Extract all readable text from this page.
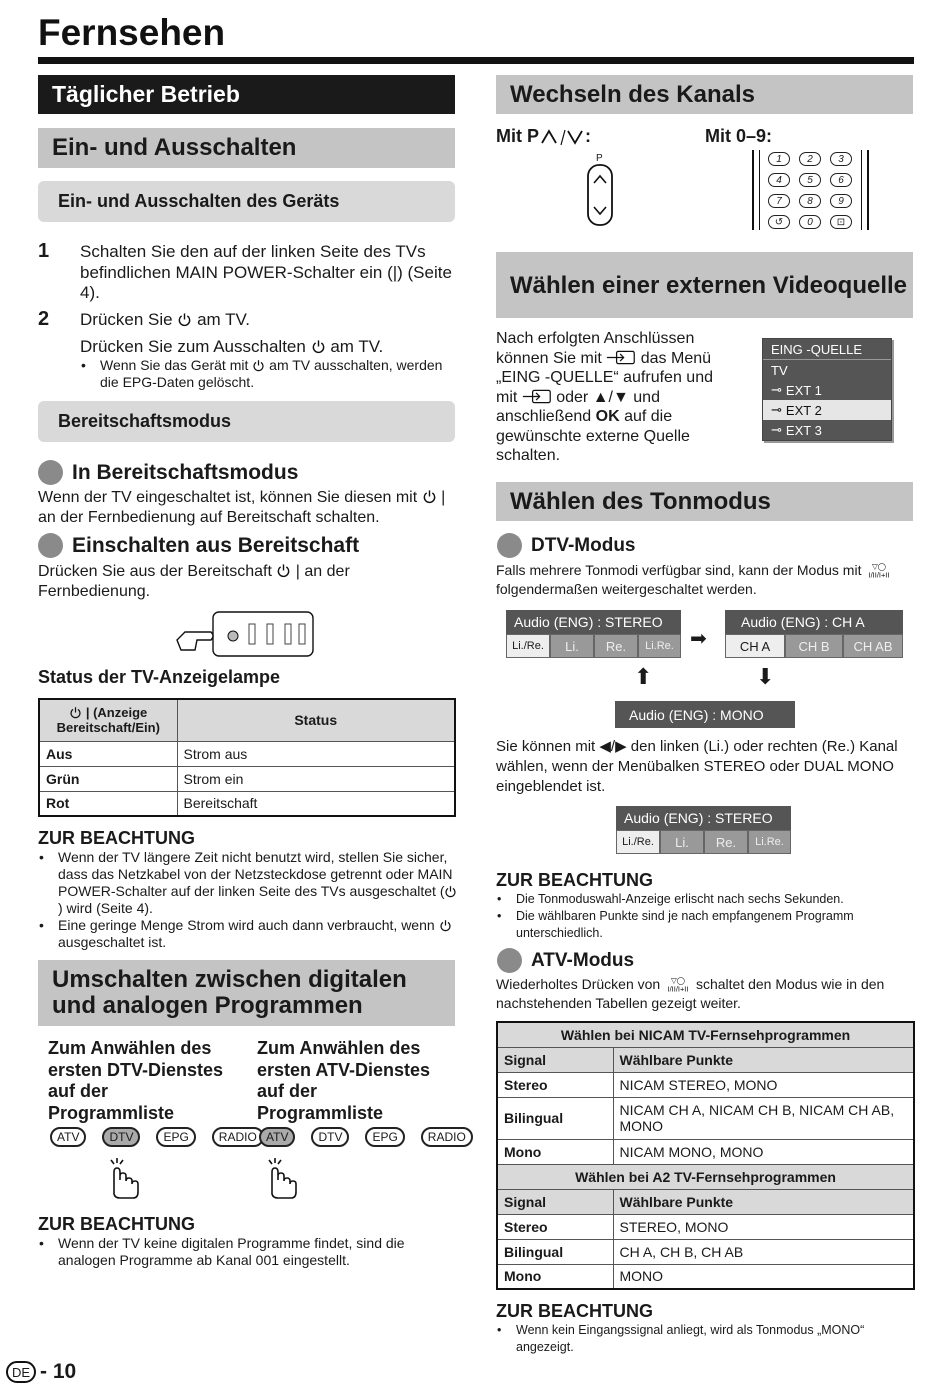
Fernsehen
Täglicher Betrieb
Ein- und Ausschalten
Ein- und Ausschalten des Geräts
1 Schalten Sie den auf der linken Seite des TVs befindlichen MAIN POWER-Schalter ein (|) (Seite 4).
2 Drücken Sie am TV.
Drücken Sie zum Ausschalten am TV.
• Wenn Sie das Gerät mit am TV ausschalten, werden die EPG-Daten gelöscht.
Bereitschaftsmodus
In Bereitschaftsmodus
Wenn der TV eingeschaltet ist, können Sie diesen mit | an der Fernbedienung auf Bereitschaft schalten.
Einschalten aus Bereitschaft
Drücken Sie aus der Bereitschaft | an der Fernbedienung.
Status der TV-Anzeigelampe
| (Anzeige Bereitschaft/Ein)	Status
Aus	Strom aus
Grün	Strom ein
Rot	Bereitschaft
ZUR BEACHTUNG
• Wenn der TV längere Zeit nicht benutzt wird, stellen Sie sicher, dass das Netzkabel von der Netzsteckdose getrennt oder MAIN POWER-Schalter auf der linken Seite des TVs ausgeschaltet () wird (Seite 4).
• Eine geringe Menge Strom wird auch dann verbraucht, wenn  ausgeschaltet ist.
Umschalten zwischen digitalen und analogen Programmen
Zum Anwählen des ersten DTV-Dienstes auf der Programmliste
Zum Anwählen des ersten ATV-Dienstes auf der Programmliste
ATV	DTV	EPG	RADIO ATV	DTV	EPG	RADIO
ZUR BEACHTUNG
• Wenn der TV keine digitalen Programme findet, sind die analogen Programme ab Kanal 001 eingestellt.
Wechseln des Kanals
Mit P	:
P
Mit 0–9:
1	2	3
4	5	6
7	8	9
↺	0	⊡
Wählen einer externen Videoquelle
Nach erfolgten Anschlüssen können Sie mit das Menü „EING -QUELLE“ aufrufen und mit oder ▲/▼ und anschließend OK auf die gewünschte externe Quelle schalten.
EING -QUELLE
TV
⊸ EXT 1
⊸ EXT 2
⊸ EXT 3
Wählen des Tonmodus
DTV-Modus
Falls mehrere Tonmodi verfügbar sind, kann der Modus mit  folgendermaßen weitergeschaltet werden.
Audio (ENG) : STEREO
Li./Re.	Li.	Re.	Li.Re. ➡
Audio (ENG) : CH A
CH A	CH B	CH AB
⬆	⬇
Audio (ENG) : MONO
Sie können mit ◀/▶ den linken (Li.) oder rechten (Re.) Kanal wählen, wenn der Menübalken STEREO oder DUAL MONO eingeblendet ist.
Audio (ENG) : STEREO
Li./Re.	Li.	Re.	Li.Re.
ZUR BEACHTUNG
• Die Tonmoduswahl-Anzeige erlischt nach sechs Sekunden.
• Die wählbaren Punkte sind je nach empfangenem Programm unterschiedlich.
ATV-Modus
Wiederholtes Drücken von	schaltet den Modus wie in den nachstehenden Tabellen gezeigt weiter.
Wählen bei NICAM TV-Fernsehprogrammen	
Signal	Wählbare Punkte
Stereo	NICAM STEREO, MONO
Bilingual	NICAM CH A, NICAM CH B, NICAM CH AB, MONO
Mono	NICAM MONO, MONO
Wählen bei A2 TV-Fernsehprogrammen	
Signal	Wählbare Punkte
Stereo	STEREO, MONO
Bilingual	CH A, CH B, CH AB
Mono	MONO
ZUR BEACHTUNG
• Wenn kein Eingangssignal anliegt, wird als Tonmodus „MONO“ angezeigt.
DE - 10
